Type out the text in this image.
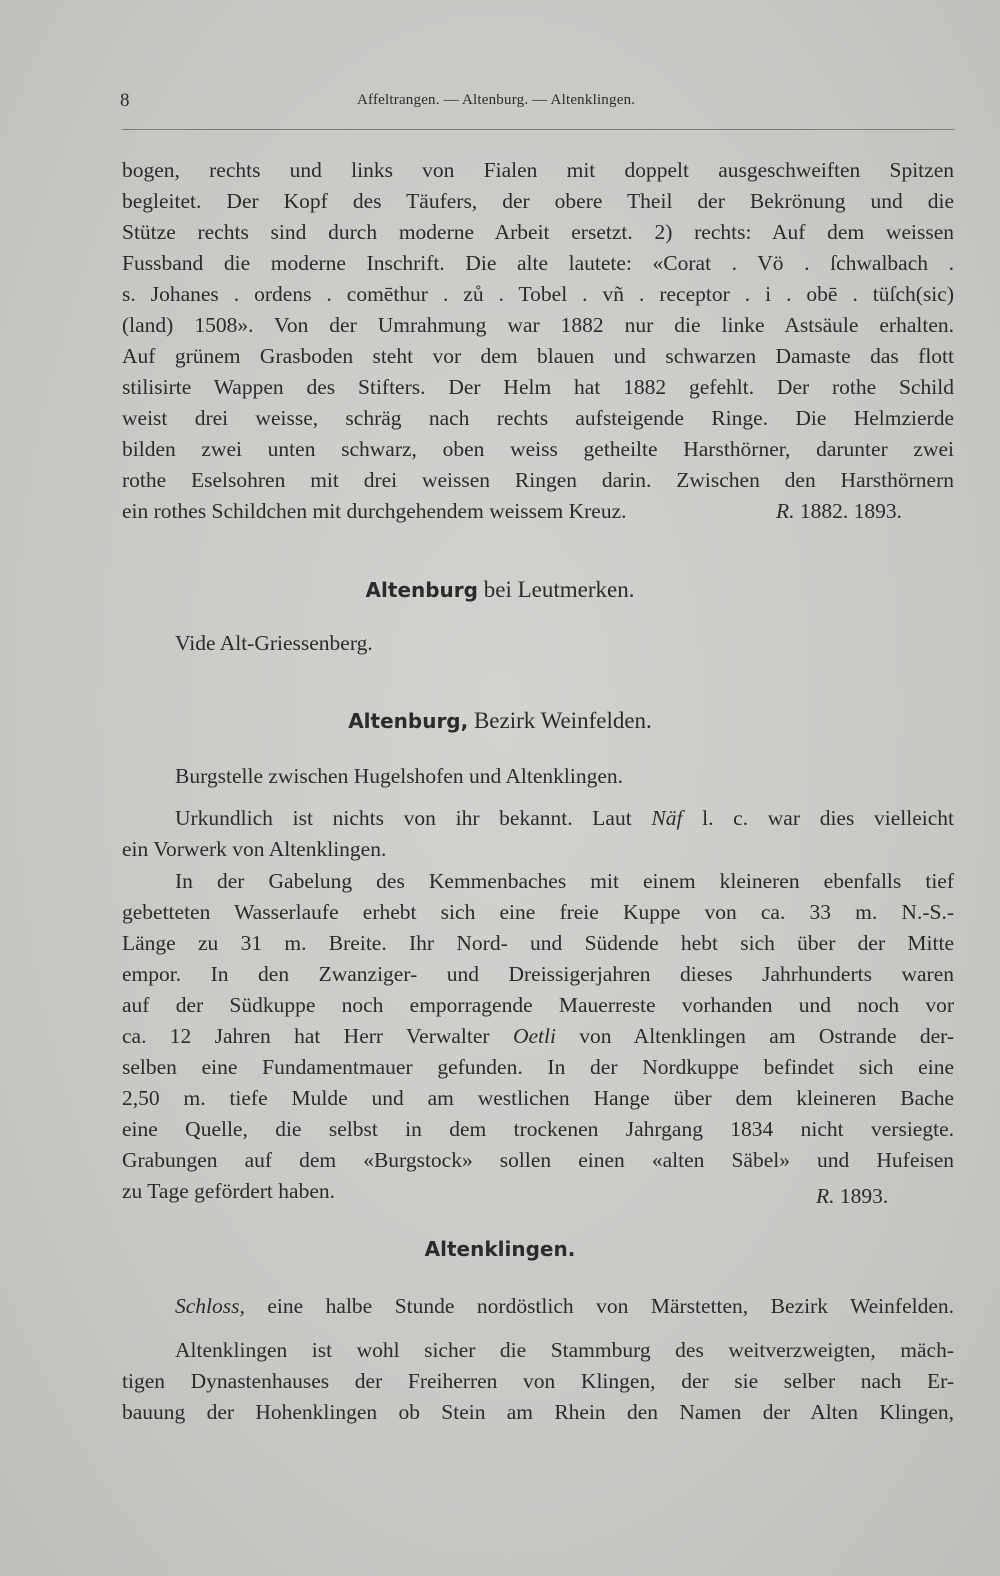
8	Affeltrangen. — Altenburg. — Altenklingen.
bogen, rechts und links von Fialen mit doppelt ausgeschweiften Spitzen
begleitet. Der Kopf des Täufers, der obere Theil der Bekrönung und die
Stütze rechts sind durch moderne Arbeit ersetzt. 2) rechts: Auf dem weissen
Fussband die moderne Inschrift. Die alte lautete: «Corat . Vö . ſchwalbach .
s. Johanes . ordens . comēthur . zů . Tobel . vñ . receptor . i . obē . tüſch(sic)
(land) 1508». Von der Umrahmung war 1882 nur die linke Astsäule erhalten.
Auf grünem Grasboden steht vor dem blauen und schwarzen Damaste das flott
stilisirte Wappen des Stifters. Der Helm hat 1882 gefehlt. Der rothe Schild
weist drei weisse, schräg nach rechts aufsteigende Ringe. Die Helmzierde
bilden zwei unten schwarz, oben weiss getheilte Harsthörner, darunter zwei
rothe Eselsohren mit drei weissen Ringen darin. Zwischen den Harsthörnern
ein rothes Schildchen mit durchgehendem weissem Kreuz.	R. 1882. 1893.
Altenburg bei Leutmerken.
Vide Alt-Griessenberg.
Altenburg, Bezirk Weinfelden.
Burgstelle zwischen Hugelshofen und Altenklingen.
Urkundlich ist nichts von ihr bekannt. Laut Näf l. c. war dies vielleicht
ein Vorwerk von Altenklingen.
In der Gabelung des Kemmenbaches mit einem kleineren ebenfalls tief
gebetteten Wasserlaufe erhebt sich eine freie Kuppe von ca. 33 m. N.-S.-
Länge zu 31 m. Breite. Ihr Nord- und Südende hebt sich über der Mitte
empor. In den Zwanziger- und Dreissigerjahren dieses Jahrhunderts waren
auf der Südkuppe noch emporragende Mauerreste vorhanden und noch vor
ca. 12 Jahren hat Herr Verwalter Oetli von Altenklingen am Ostrande der-
selben eine Fundamentmauer gefunden. In der Nordkuppe befindet sich eine
2,50 m. tiefe Mulde und am westlichen Hange über dem kleineren Bache
eine Quelle, die selbst in dem trockenen Jahrgang 1834 nicht versiegte.
Grabungen auf dem «Burgstock» sollen einen «alten Säbel» und Hufeisen
zu Tage gefördert haben.	R. 1893.
Altenklingen.
Schloss, eine halbe Stunde nordöstlich von Märstetten, Bezirk Weinfelden.
Altenklingen ist wohl sicher die Stammburg des weitverzweigten, mäch-
tigen Dynastenhauses der Freiherren von Klingen, der sie selber nach Er-
bauung der Hohenklingen ob Stein am Rhein den Namen der Alten Klingen,
